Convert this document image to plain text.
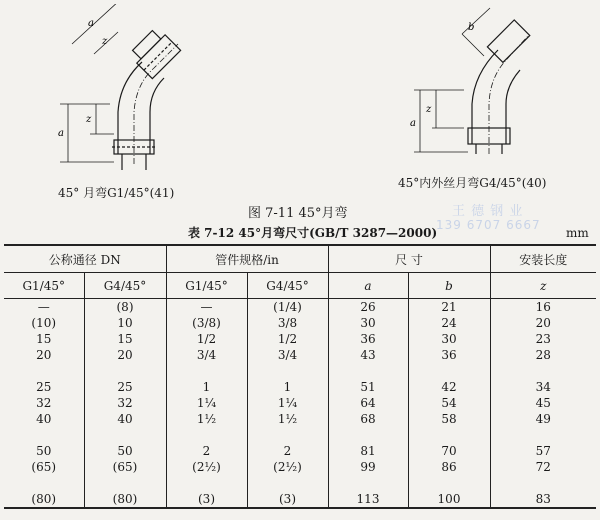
a
z
a
z
b
a
z
45° 月弯G1/45°(41)
45°内外丝月弯G4/45°(40)
图 7-11 45°月弯	王 德 钢 业
139 6707 6667
表 7-12 45°月弯尺寸(GB/T 3287—2000)	mm
公称通径 DN		管件规格/in		尺 寸		安装长度
G1/45°	G4/45°	G1/45°	G4/45°	a	b	z
—	(8)	—	(1/4)	26	21	16
(10)	10	(3/8)	3/8	30	24	20
15	15	1/2	1/2	36	30	23
20	20	3/4	3/4	43	36	28

25	25	1	1	51	42	34
32	32	1¼	1¼	64	54	45
40	40	1½	1½	68	58	49

50	50	2	2	81	70	57
(65)	(65)	(2½)	(2½)	99	86	72

(80)	(80)	(3)	(3)	113	100	83
